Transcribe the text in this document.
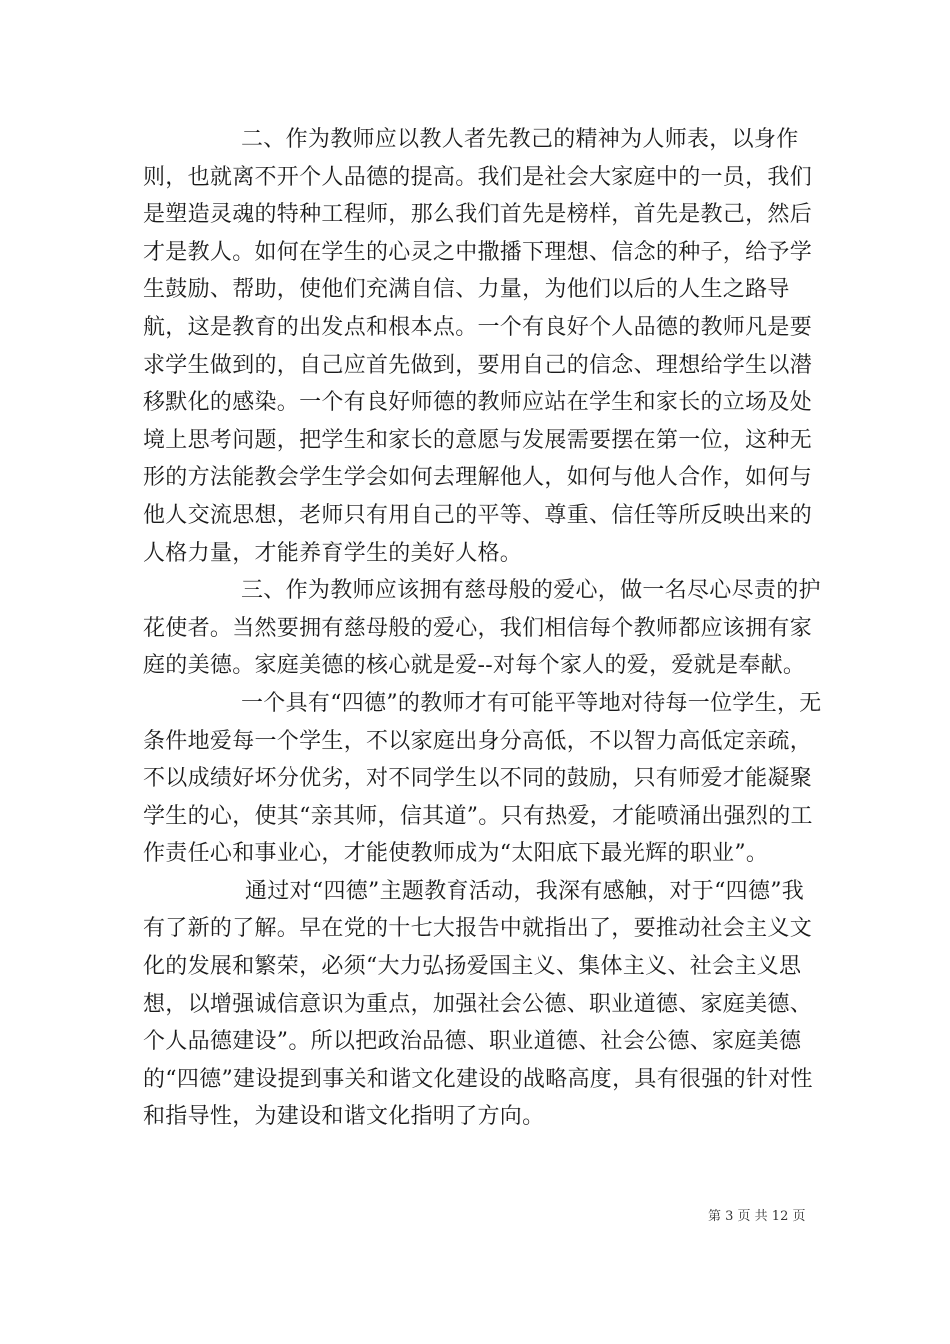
二、作为教师应以教人者先教己的精神为人师表，以身作则，也就离不开个人品德的提高。我们是社会大家庭中的一员，我们是塑造灵魂的特种工程师，那么我们首先是榜样，首先是教己，然后才是教人。如何在学生的心灵之中撒播下理想、信念的种子，给予学生鼓励、帮助，使他们充满自信、力量，为他们以后的人生之路导航，这是教育的出发点和根本点。一个有良好个人品德的教师凡是要求学生做到的，自己应首先做到，要用自己的信念、理想给学生以潜移默化的感染。一个有良好师德的教师应站在学生和家长的立场及处境上思考问题，把学生和家长的意愿与发展需要摆在第一位，这种无形的方法能教会学生学会如何去理解他人，如何与他人合作，如何与他人交流思想，老师只有用自己的平等、尊重、信任等所反映出来的人格力量，才能养育学生的美好人格。

三、作为教师应该拥有慈母般的爱心，做一名尽心尽责的护花使者。当然要拥有慈母般的爱心，我们相信每个教师都应该拥有家庭的美德。家庭美德的核心就是爱--对每个家人的爱，爱就是奉献。

一个具有“四德”的教师才有可能平等地对待每一位学生，无条件地爱每一个学生，不以家庭出身分高低，不以智力高低定亲疏，不以成绩好坏分优劣，对不同学生以不同的鼓励，只有师爱才能凝聚学生的心，使其“亲其师，信其道”。只有热爱，才能喷涌出强烈的工作责任心和事业心，才能使教师成为“太阳底下最光辉的职业”。

通过对“四德”主题教育活动，我深有感触，对于“四德”我有了新的了解。早在党的十七大报告中就指出了，要推动社会主义文化的发展和繁荣，必须“大力弘扬爱国主义、集体主义、社会主义思想，以增强诚信意识为重点，加强社会公德、职业道德、家庭美德、个人品德建设”。所以把政治品德、职业道德、社会公德、家庭美德的“四德”建设提到事关和谐文化建设的战略高度，具有很强的针对性和指导性，为建设和谐文化指明了方向。

第 3 页 共 12 页
